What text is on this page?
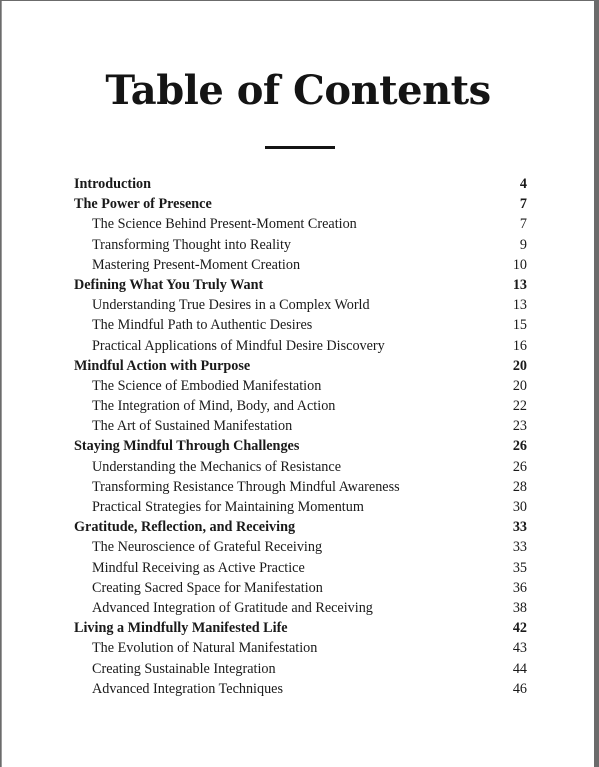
Table of Contents
Introduction	4
The Power of Presence	7
The Science Behind Present-Moment Creation	7
Transforming Thought into Reality	9
Mastering Present-Moment Creation	10
Defining What You Truly Want	13
Understanding True Desires in a Complex World	13
The Mindful Path to Authentic Desires	15
Practical Applications of Mindful Desire Discovery	16
Mindful Action with Purpose	20
The Science of Embodied Manifestation	20
The Integration of Mind, Body, and Action	22
The Art of Sustained Manifestation	23
Staying Mindful Through Challenges	26
Understanding the Mechanics of Resistance	26
Transforming Resistance Through Mindful Awareness	28
Practical Strategies for Maintaining Momentum	30
Gratitude, Reflection, and Receiving	33
The Neuroscience of Grateful Receiving	33
Mindful Receiving as Active Practice	35
Creating Sacred Space for Manifestation	36
Advanced Integration of Gratitude and Receiving	38
Living a Mindfully Manifested Life	42
The Evolution of Natural Manifestation	43
Creating Sustainable Integration	44
Advanced Integration Techniques	46
